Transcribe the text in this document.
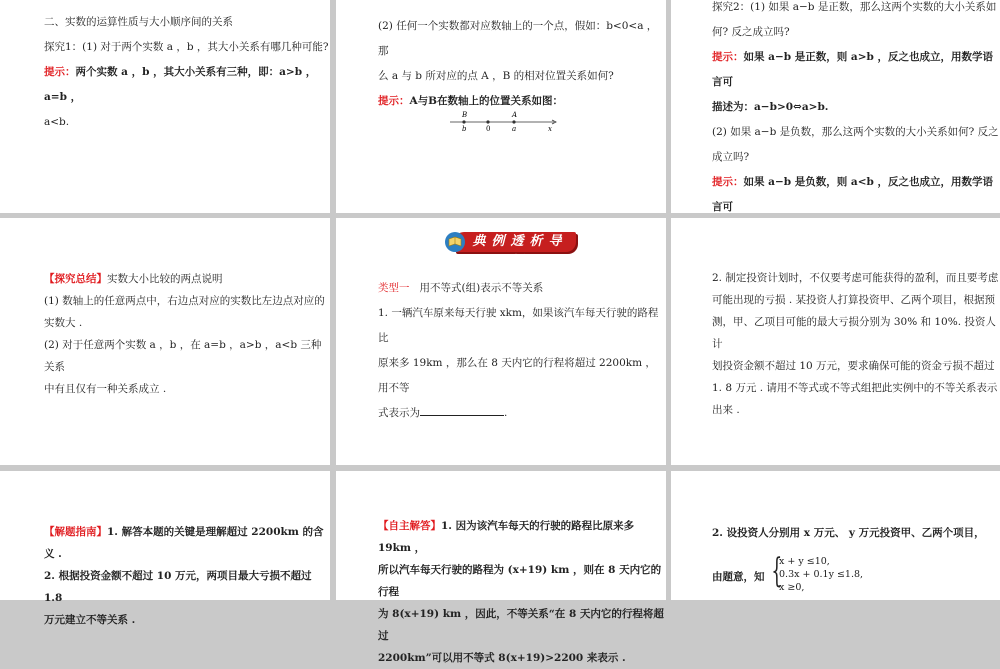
二、实数的运算性质与大小顺序间的关系

探究1：(1) 对于两个实数 a ，b ，其大小关系有哪几种可能?

提示：两个实数 a ，b ，其大小关系有三种，即：a>b ，a=b ，

a<b.

(2) 任何一个实数都对应数轴上的一个点，假如：b<0<a ，那

么 a 与 b 所对应的点 A ，B 的相对位置关系如何?

提示：A与B在数轴上的位置关系如图：

B	A
b	0	a	x

探究2：(1) 如果 a−b 是正数，那么这两个实数的大小关系如

何? 反之成立吗?

提示：如果 a−b 是正数，则 a>b ，反之也成立，用数学语言可

描述为：a−b>0⇔a>b.

(2) 如果 a−b 是负数，那么这两个实数的大小关系如何? 反之

成立吗?

提示：如果 a−b 是负数，则 a<b ，反之也成立，用数学语言可

【探究总结】实数大小比较的两点说明

(1) 数轴上的任意两点中，右边点对应的实数比左边点对应的

实数大 .

(2) 对于任意两个实数 a ，b ，在 a=b ，a>b ，a<b 三种关系

中有且仅有一种关系成立 .

典例透析导悟

类型一 用不等式(组)表示不等关系

1. 一辆汽车原来每天行驶 xkm，如果该汽车每天行驶的路程比

原来多 19km ，那么在 8 天内它的行程将超过 2200km ，用不等

式表示为	.

2. 制定投资计划时，不仅要考虑可能获得的盈利，而且要考虑

可能出现的亏损 . 某投资人打算投资甲、乙两个项目，根据预

测，甲、乙项目可能的最大亏损分别为 30% 和 10%. 投资人计

划投资金额不超过 10 万元，要求确保可能的资金亏损不超过

1. 8 万元 . 请用不等式或不等式组把此实例中的不等关系表示

出来 .

【解题指南】1. 解答本题的关键是理解超过 2200km 的含义 .

2. 根据投资金额不超过 10 万元，两项目最大亏损不超过 1.8

万元建立不等关系 .

【自主解答】1. 因为该汽车每天的行驶的路程比原来多 19km ，

所以汽车每天行驶的路程为 (x+19) km ，则在 8 天内它的行程

为 8(x+19) km ，因此，不等关系“在 8 天内它的行程将超过

2200km”可以用不等式 8(x+19)>2200 来表示 .

2. 设投资人分别用 x 万元、 y 万元投资甲、乙两个项目，
由题意，知 {
x + y ≤10,
0.3x + 0.1y ≤1.8,
x ≥0,
